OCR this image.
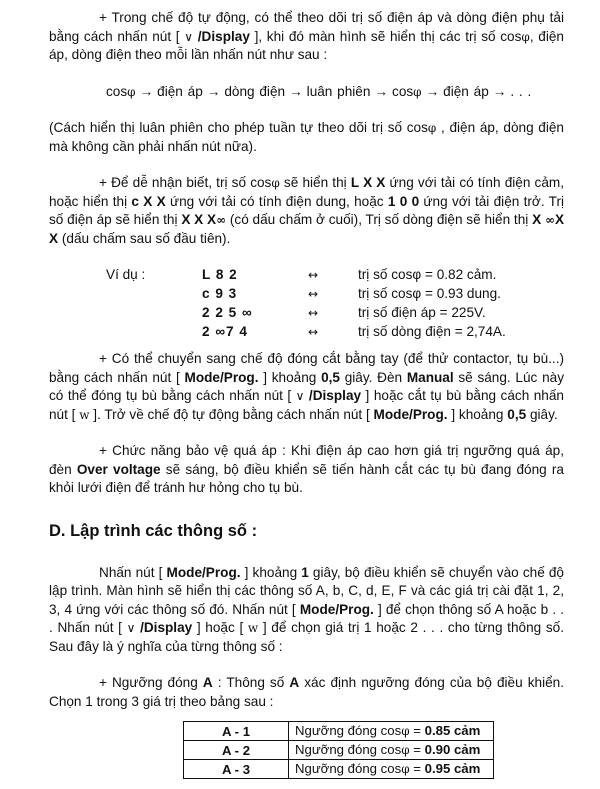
+ Trong chế độ tự động, có thể theo dõi trị số điện áp và dòng điện phụ tải bằng cách nhấn nút [ ∨ /Display ], khi đó màn hình sẽ hiển thị các trị số cosφ, điện áp, dòng điện theo mỗi lần nhấn nút như sau :

cosφ → điện áp → dòng điện → luân phiên → cosφ → điện áp → . . .

(Cách hiển thị luân phiên cho phép tuần tự theo dõi trị số cosφ , điện áp, dòng điện mà không cần phải nhấn nút nữa).

+ Để dễ nhận biết, trị số cosφ sẽ hiển thị L X X ứng với tải có tính điện cảm, hoặc hiển thị c X X ứng với tải có tính điện dung, hoặc 1 0 0 ứng với tải điện trở. Trị số điện áp sẽ hiển thị X X X∞ (có dấu chấm ở cuối), Trị số dòng điện sẽ hiển thị X ∞X X (dấu chấm sau số đầu tiên).

Ví dụ :	L 8 2	↔	trị số cosφ = 0.82 cảm.
c 9 3	↔	trị số cosφ = 0.93 dung.
2 2 5 ∞	↔	trị số điện áp = 225V.
2 ∞7 4	↔	trị số dòng điện = 2,74A.

+ Có thể chuyển sang chế độ đóng cắt bằng tay (để thử contactor, tụ bù...) bằng cách nhấn nút [ Mode/Prog. ] khoảng 0,5 giây. Đèn Manual sẽ sáng. Lúc này có thể đóng tụ bù bằng cách nhấn nút [ ∨ /Display ] hoặc cắt tụ bù bằng cách nhấn nút [ w ]. Trở về chế độ tự động bằng cách nhấn nút [ Mode/Prog. ] khoảng 0,5 giây.

+ Chức năng bảo vệ quá áp : Khi điện áp cao hơn giá trị ngưỡng quá áp, đèn Over voltage sẽ sáng, bộ điều khiển sẽ tiến hành cắt các tụ bù đang đóng ra khỏi lưới điện để tránh hư hỏng cho tụ bù.

D. Lập trình các thông số :

Nhấn nút [ Mode/Prog. ] khoảng 1 giây, bộ điều khiển sẽ chuyển vào chế độ lập trình. Màn hình sẽ hiển thị các thông số A, b, C, d, E, F và các giá trị cài đặt 1, 2, 3, 4 ứng với các thông số đó. Nhấn nút [ Mode/Prog. ] để chọn thông số A hoặc b . . . Nhấn nút [ ∨ /Display ] hoặc [ w ] để chọn giá trị 1 hoặc 2 . . . cho từng thông số. Sau đây là ý nghĩa của từng thông số :

+ Ngưỡng đóng A : Thông số A xác định ngưỡng đóng của bộ điều khiển. Chọn 1 trong 3 giá trị theo bảng sau :

A - 1	Ngưỡng đóng cosφ = 0.85 cảm
A - 2	Ngưỡng đóng cosφ = 0.90 cảm
A - 3	Ngưỡng đóng cosφ = 0.95 cảm
